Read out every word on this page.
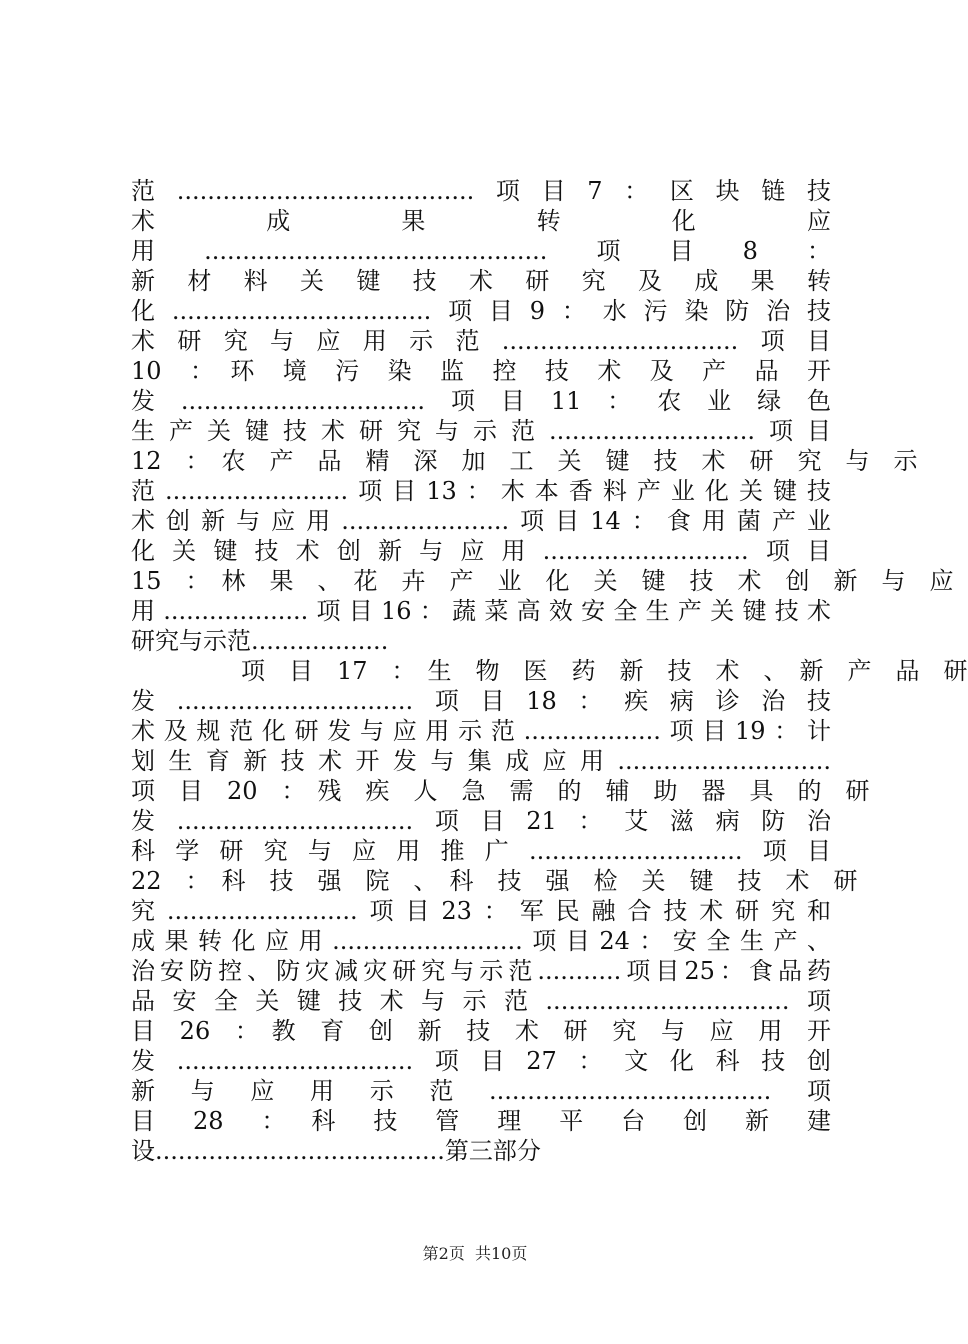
范.......................................项目7：区块链技
术　　　成　　　果　　　转　　　化　　　应
用.............................................项目8：
新　材　料　关　键　技　术　研　究　及　成　果　转
化..................................项目9：水污染防治技
术研究与应用示范...............................项目
10　：　环　境　污　染　监　控　技　术　及　产　品　开
发................................项目11：农业绿色
生产关键技术研究与示范...........................项目
12　：　农　产　品　精　深　加　工　关　键　技　术　研　究　与　示
范........................项目13：木本香料产业化关键技
术创新与应用......................项目14：食用菌产业
化关键技术创新与应用...........................项目
15　：　林　果　、　花　卉　产　业　化　关　键　技　术　创　新　与　应
用...................项目16：蔬菜高效安全生产关键技术
研究与示范..................
项　目　17　：　生　物　医　药　新　技　术　、　新　产　品　研
发...............................项目18：疾病诊治技
术及规范化研发与应用示范..................项目19：计
划生育新技术开发与集成应用............................
项　目　20　：　残　疾　人　急　需　的　辅　助　器　具　的　研
发...............................项目21：艾滋病防治
科学研究与应用推广............................项目
22　：　科　技　强　院　、　科　技　强　检　关　键　技　术　研
究.........................项目23：军民融合技术研究和
成果转化应用.........................项目24：安全生产、
治安防控、防灾减灾研究与示范...........项目25：食品药
品安全关键技术与示范................................项
目　26　：　教　育　创　新　技　术　研　究　与　应　用　开
发...............................项目27：文化科技创
新与应用示范.....................................项
目　28　：　科　技　管　理　平　台　创　新　建
设......................................第三部分
第2页  共10页
